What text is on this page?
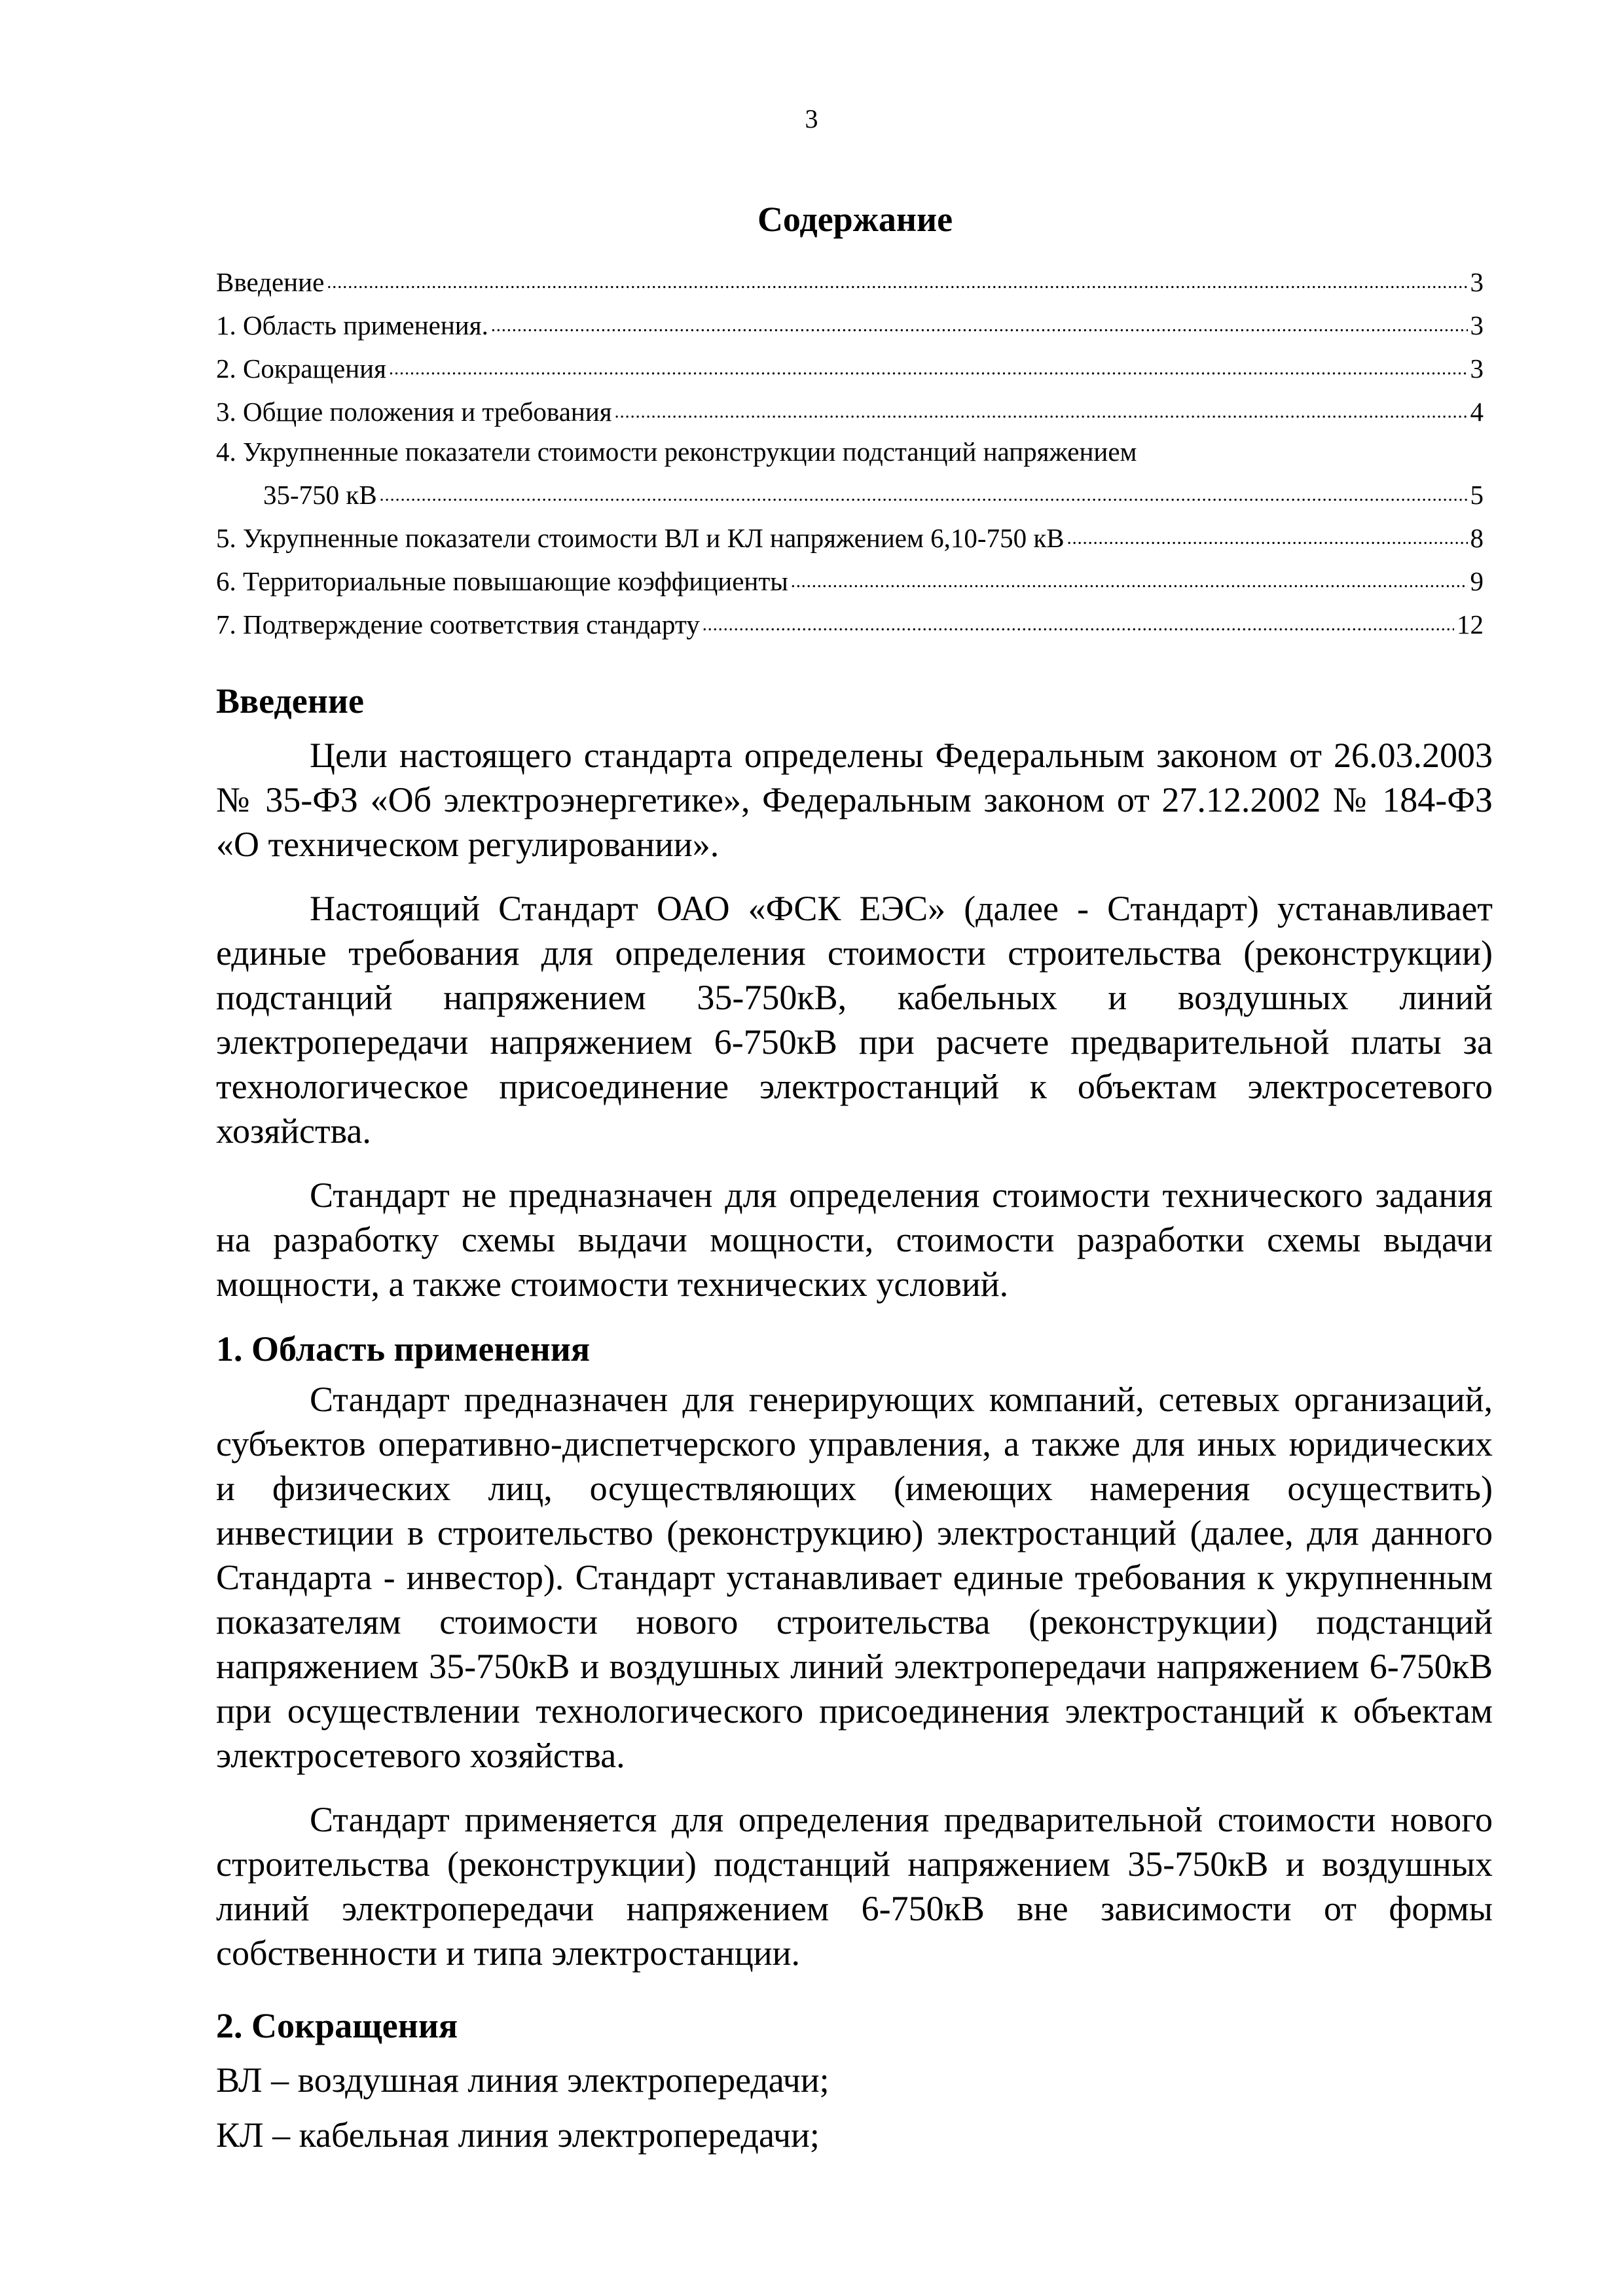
3
Содержание
Введение . . .	3
1. Область применения. . . .	3
2. Сокращения . . .	3
3. Общие положения и требования . . .	4
4. Укрупненные показатели стоимости реконструкции подстанций напряжением
35-750 кВ . . .	5
5. Укрупненные показатели стоимости ВЛ и КЛ напряжением 6,10-750 кВ . . .	8
6. Территориальные повышающие коэффициенты . . .	9
7. Подтверждение соответствия стандарту . . .	12
Введение

Цели настоящего стандарта определены Федеральным законом от 26.03.2003 № 35-ФЗ «Об электроэнергетике», Федеральным законом от 27.12.2002 № 184-ФЗ «О техническом регулировании».

Настоящий Стандарт ОАО «ФСК ЕЭС» (далее - Стандарт) устанавливает единые требования для определения стоимости строительства (реконструкции) подстанций напряжением 35-750кВ, кабельных и воздушных линий электропередачи напряжением 6-750кВ при расчете предварительной платы за технологическое присоединение электростанций к объектам электросетевого хозяйства.

Стандарт не предназначен для определения стоимости технического задания на разработку схемы выдачи мощности, стоимости разработки схемы выдачи мощности, а также стоимости технических условий.

1. Область применения

Стандарт предназначен для генерирующих компаний, сетевых организаций, субъектов оперативно-диспетчерского управления, а также для иных юридических и физических лиц, осуществляющих (имеющих намерения осуществить) инвестиции в строительство (реконструкцию) электростанций (далее, для данного Стандарта - инвестор). Стандарт устанавливает единые требования к укрупненным показателям стоимости нового строительства (реконструкции) подстанций напряжением 35-750кВ и воздушных линий электропередачи напряжением 6-750кВ при осуществлении технологического присоединения электростанций к объектам электросетевого хозяйства.

Стандарт применяется для определения предварительной стоимости нового строительства (реконструкции) подстанций напряжением 35-750кВ и воздушных линий электропередачи напряжением 6-750кВ вне зависимости от формы собственности и типа электростанции.

2. Сокращения

ВЛ – воздушная линия электропередачи;

КЛ – кабельная линия электропередачи;
